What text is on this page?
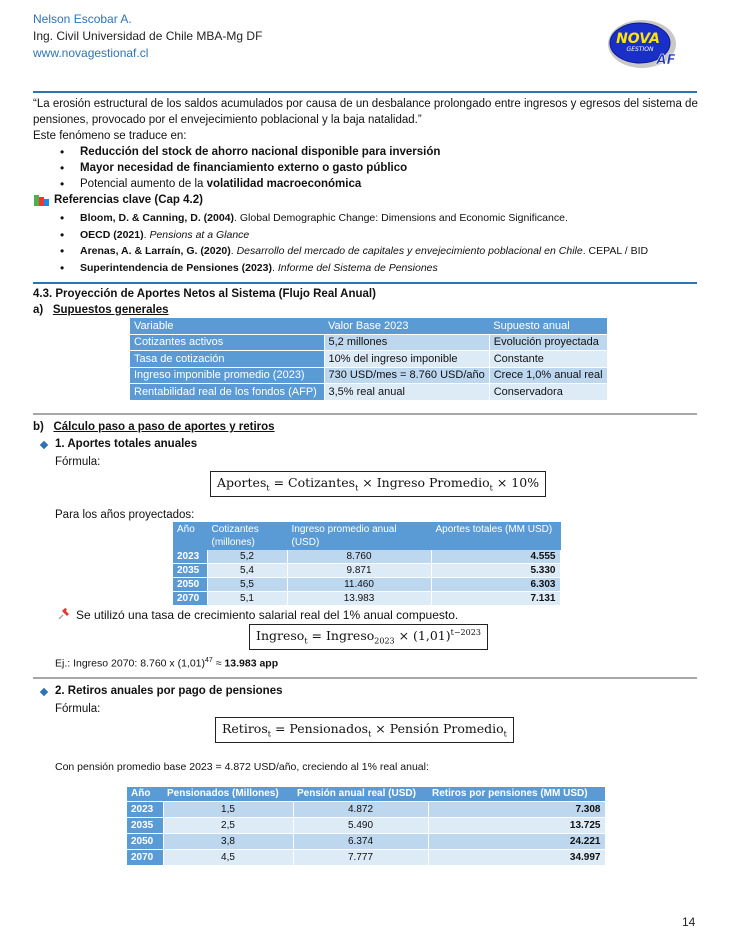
Nelson Escobar A.
Ing. Civil Universidad de Chile MBA-Mg DF
www.novagestionaf.cl
NOVA
GESTION
AF
“La erosión estructural de los saldos acumulados por causa de un desbalance prolongado entre ingresos y egresos del sistema de pensiones, provocado por el envejecimiento poblacional y la baja natalidad.”
Este fenómeno se traduce en:
• Reducción del stock de ahorro nacional disponible para inversión
• Mayor necesidad de financiamiento externo o gasto público
• Potencial aumento de la volatilidad macroeconómica
Referencias clave (Cap 4.2)
• Bloom, D. & Canning, D. (2004). Global Demographic Change: Dimensions and Economic Significance.
• OECD (2021). Pensions at a Glance
• Arenas, A. & Larraín, G. (2020). Desarrollo del mercado de capitales y envejecimiento poblacional en Chile. CEPAL / BID
• Superintendencia de Pensiones (2023). Informe del Sistema de Pensiones
4.3. Proyección de Aportes Netos al Sistema (Flujo Real Anual)
a) Supuestos generales
Variable	Valor Base 2023	Supuesto anual
Cotizantes activos	5,2 millones	Evolución proyectada
Tasa de cotización	10% del ingreso imponible	Constante
Ingreso imponible promedio (2023)	730 USD/mes = 8.760 USD/año	Crece 1,0% anual real
Rentabilidad real de los fondos (AFP)	3,5% real anual	Conservadora
b) Cálculo paso a paso de aportes y retiros
1. Aportes totales anuales
Fórmula:
Aportes$_t$ = Cotizantes$_t$ × Ingreso Promedio$_t$ × 10%
Para los años proyectados:
Año	Cotizantes (millones)	Ingreso promedio anual (USD)	Aportes totales (MM USD)
2023	5,2	8.760	4.555
2035	5,4	9.871	5.330
2050	5,5	11.460	6.303
2070	5,1	13.983	7.131
Se utilizó una tasa de crecimiento salarial real del 1% anual compuesto.
Ingreso$_t$ = Ingreso$_{2023}$ × $(1,01)^{t-2023}$
Ej.: Ingreso 2070: 8.760 x $(1,01)^{47} \approx 13.983$ app
2. Retiros anuales por pago de pensiones
Fórmula:
Retiros$_t$ = Pensionados$_t$ × Pensión Promedio$_t$
Con pensión promedio base 2023 = 4.872 USD/año, creciendo al 1% real anual:
Año	Pensionados (Millones)	Pensión anual real (USD)	Retiros por pensiones (MM USD)
2023	1,5	4.872	7.308
2035	2,5	5.490	13.725
2050	3,8	6.374	24.221
2070	4,5	7.777	34.997
14
